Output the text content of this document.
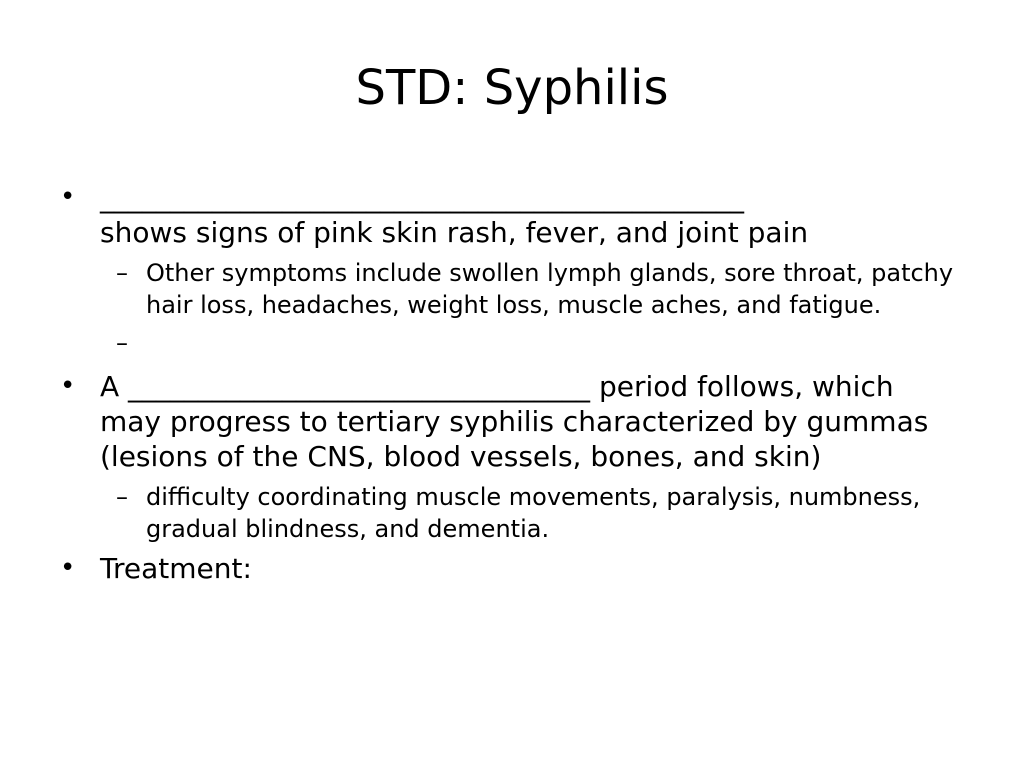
STD: Syphilis
• ______________________________________________
shows signs of pink skin rash, fever, and joint pain
– Other symptoms include swollen lymph glands, sore throat, patchy hair loss, headaches, weight loss, muscle aches, and fatigue.
–
• A _________________________________ period follows, which may progress to tertiary syphilis characterized by gummas (lesions of the CNS, blood vessels, bones, and skin)
– difficulty coordinating muscle movements, paralysis, numbness, gradual blindness, and dementia.
• Treatment:
